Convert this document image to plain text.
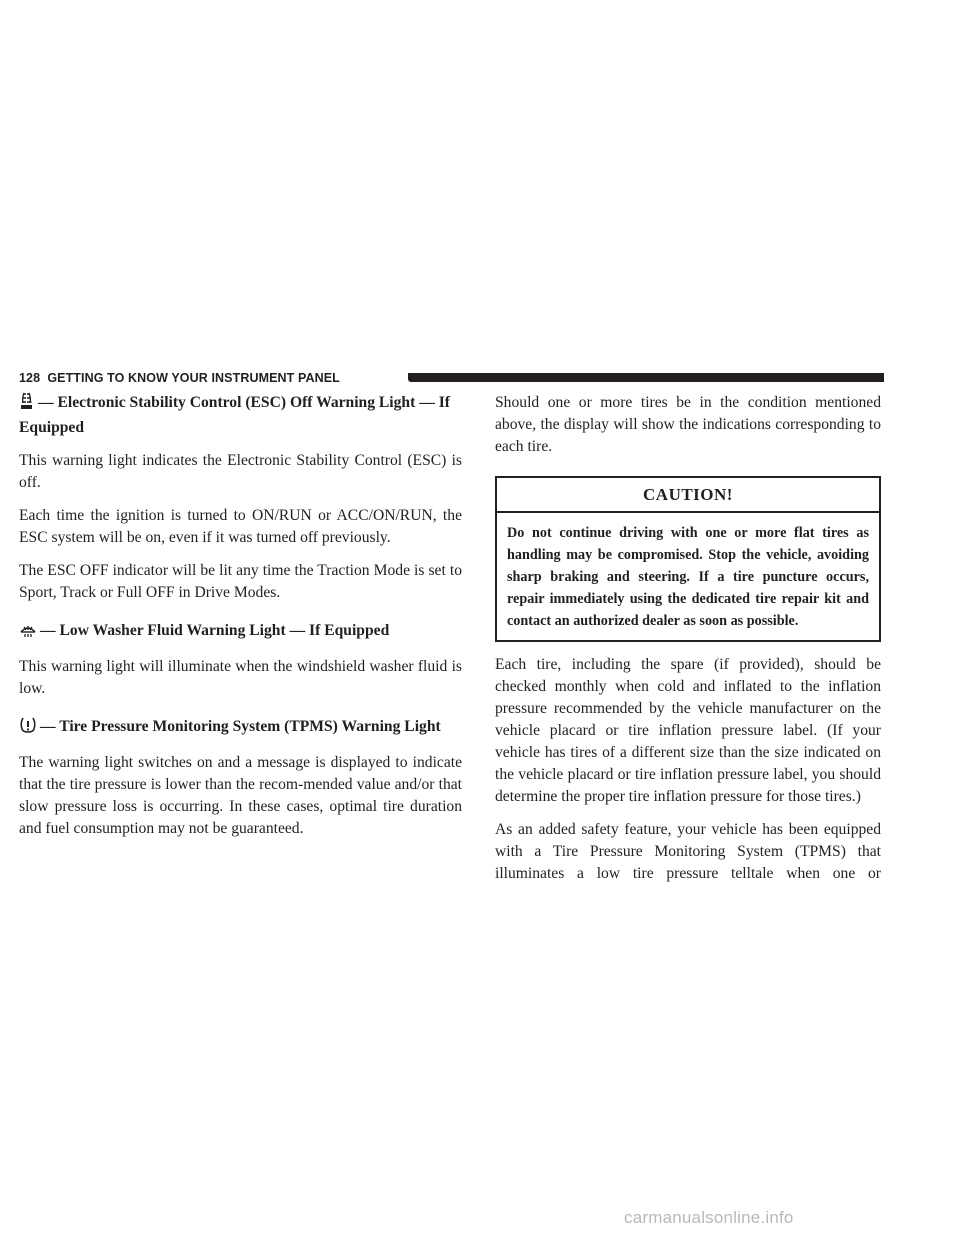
128 GETTING TO KNOW YOUR INSTRUMENT PANEL
— Electronic Stability Control (ESC) Off Warning Light — If Equipped

This warning light indicates the Electronic Stability Control (ESC) is off.

Each time the ignition is turned to ON/RUN or ACC/ON/RUN, the ESC system will be on, even if it was turned off previously.

The ESC OFF indicator will be lit any time the Traction Mode is set to Sport, Track or Full OFF in Drive Modes.

— Low Washer Fluid Warning Light — If Equipped

This warning light will illuminate when the windshield washer fluid is low.

— Tire Pressure Monitoring System (TPMS) Warning Light

The warning light switches on and a message is displayed to indicate that the tire pressure is lower than the recom-mended value and/or that slow pressure loss is occurring. In these cases, optimal tire duration and fuel consumption may not be guaranteed.

Should one or more tires be in the condition mentioned above, the display will show the indications corresponding to each tire.

CAUTION!
Do not continue driving with one or more flat tires as handling may be compromised. Stop the vehicle, avoiding sharp braking and steering. If a tire puncture occurs, repair immediately using the dedicated tire repair kit and contact an authorized dealer as soon as possible.

Each tire, including the spare (if provided), should be checked monthly when cold and inflated to the inflation pressure recommended by the vehicle manufacturer on the vehicle placard or tire inflation pressure label. (If your vehicle has tires of a different size than the size indicated on the vehicle placard or tire inflation pressure label, you should determine the proper tire inflation pressure for those tires.)

As an added safety feature, your vehicle has been equipped with a Tire Pressure Monitoring System (TPMS) that illuminates a low tire pressure telltale when one or

carmanualsonline.info
